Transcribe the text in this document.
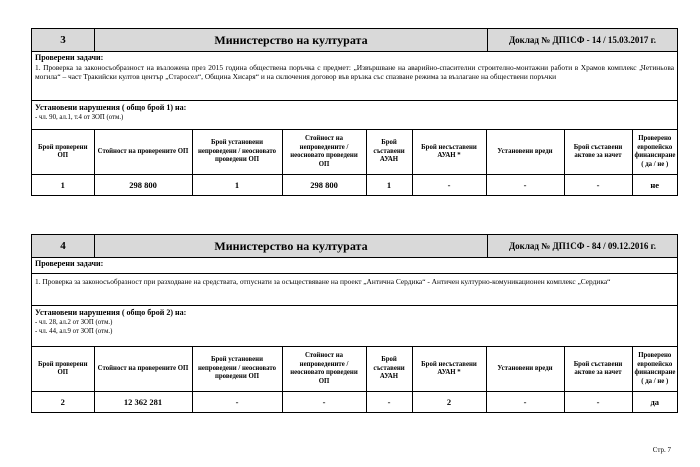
3	Министерство на културата	Доклад № ДП1СФ - 14 / 15.03.2017 г.
Проверени задачи:
1. Проверка за законосъобразност на възложена през 2015 година обществена поръчка с предмет: „Извършване на аварийно-спасителни строително-монтажни работи в Храмов комплекс „Четиньова могила“ – част Тракийски култов център „Старосел“, Община Хисаря“ и на сключения договор във връзка със спазване режима за възлагане на обществени поръчки
Установени нарушения ( общо брой 1) на:
- чл. 90, ал.1, т.4 от ЗОП (отм.)
Брой проверени ОП	Стойност на проверените ОП	Брой установени непроведени / неосновато проведени ОП	Стойност на непроведените / неосновато проведени ОП	Брой съставени АУАН	Брой несъставени АУАН *	Установени вреди	Брой съставени актове за начет	Проверено европейско финансиране ( да / не )
1	298 800	1	298 800	1	-	-	-	не
4	Министерство на културата	Доклад № ДП1СФ - 84 / 09.12.2016 г.
Проверени задачи:
1. Проверка за законосъобразност при разходване на средствата, отпуснати за осъществяване на проект „Антична Сердика“ - Античен културно-комуникационен комплекс „Сердика“
Установени нарушения ( общо брой 2) на:
- чл. 28, ал.2 от ЗОП (отм.)
- чл. 44, ал.9 от ЗОП (отм.)
Брой проверени ОП	Стойност на проверените ОП	Брой установени непроведени / неосновато проведени ОП	Стойност на непроведените / неосновато проведени ОП	Брой съставени АУАН	Брой несъставени АУАН *	Установени вреди	Брой съставени актове за начет	Проверено европейско финансиране ( да / не )
2	12 362 281	-	-	-	2	-	-	да
Стр. 7
